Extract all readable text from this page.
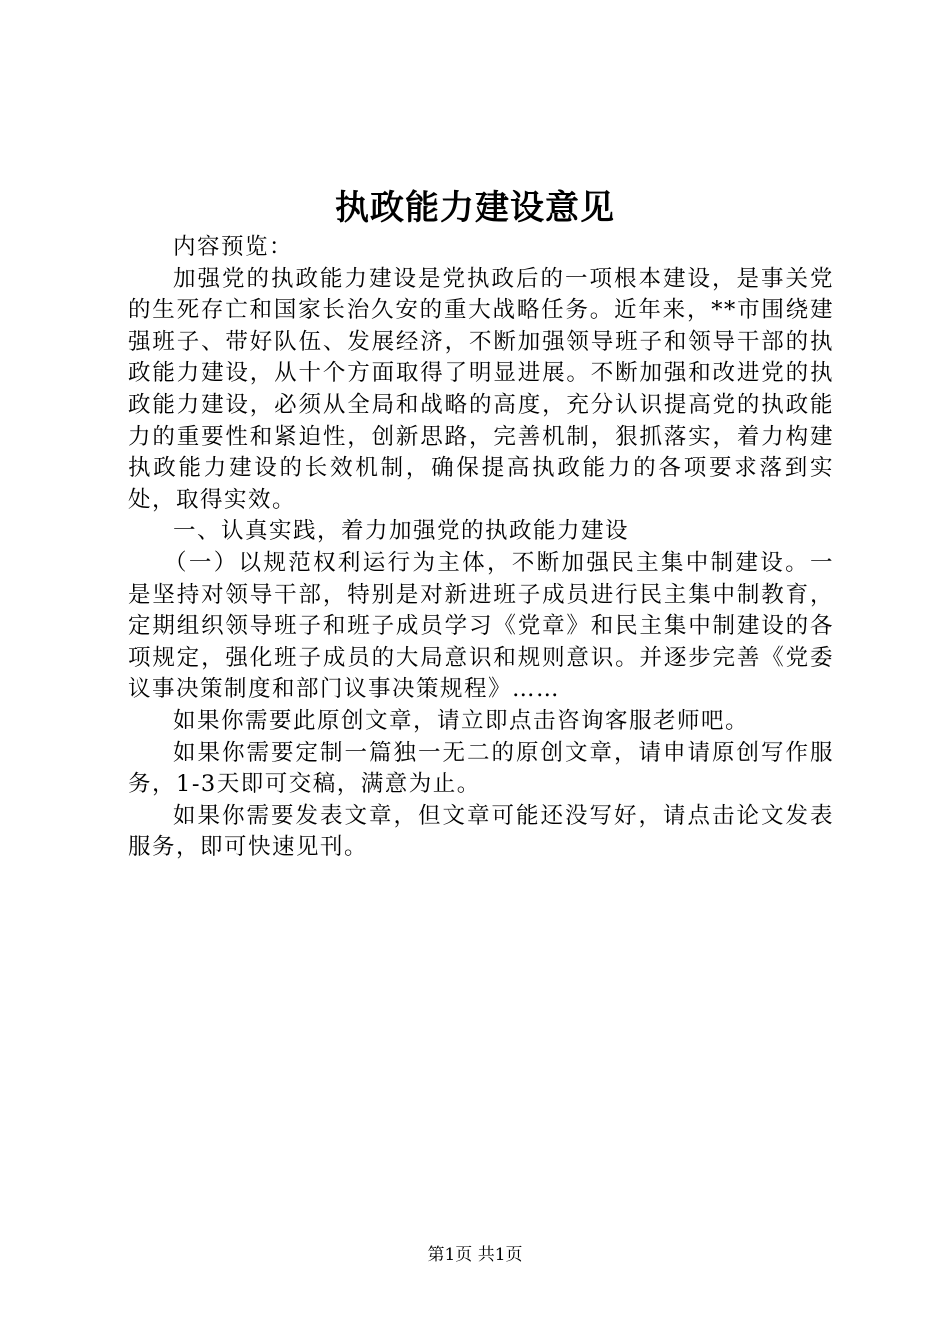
执政能力建设意见

内容预览：

加强党的执政能力建设是党执政后的一项根本建设，是事关党的生死存亡和国家长治久安的重大战略任务。近年来，**市围绕建强班子、带好队伍、发展经济，不断加强领导班子和领导干部的执政能力建设，从十个方面取得了明显进展。不断加强和改进党的执政能力建设，必须从全局和战略的高度，充分认识提高党的执政能力的重要性和紧迫性，创新思路，完善机制，狠抓落实，着力构建执政能力建设的长效机制，确保提高执政能力的各项要求落到实处，取得实效。

一、认真实践，着力加强党的执政能力建设

（一）以规范权利运行为主体，不断加强民主集中制建设。一是坚持对领导干部，特别是对新进班子成员进行民主集中制教育，定期组织领导班子和班子成员学习《党章》和民主集中制建设的各项规定，强化班子成员的大局意识和规则意识。并逐步完善《党委议事决策制度和部门议事决策规程》……

如果你需要此原创文章，请立即点击咨询客服老师吧。

如果你需要定制一篇独一无二的原创文章，请申请原创写作服务，1-3天即可交稿，满意为止。

如果你需要发表文章，但文章可能还没写好，请点击论文发表服务，即可快速见刊。

第1页 共1页
